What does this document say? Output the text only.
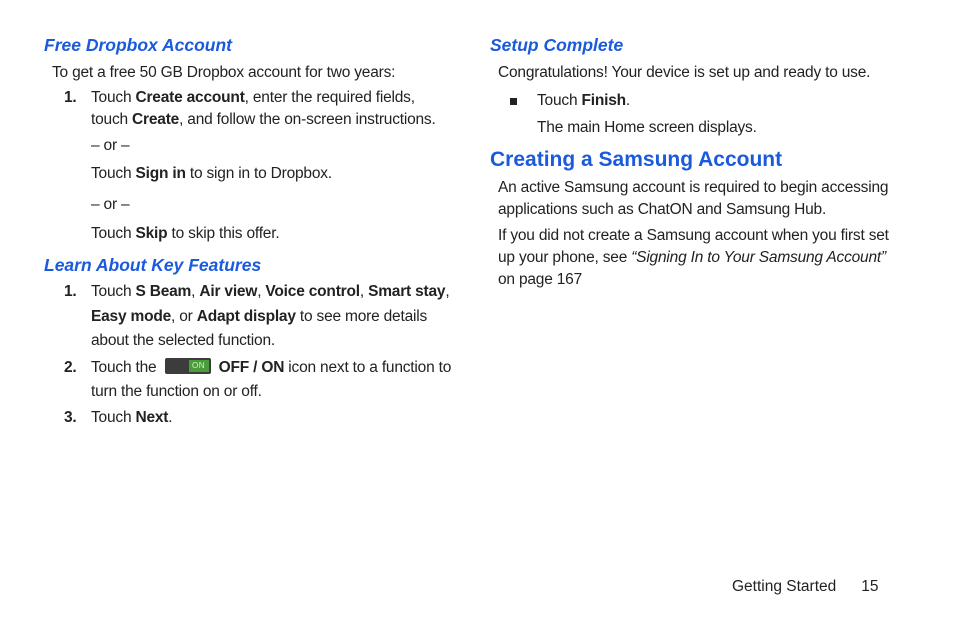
Free Dropbox Account

To get a free 50 GB Dropbox account for two years:

1. Touch Create account, enter the required fields, touch Create, and follow the on-screen instructions.

– or –

Touch Sign in to sign in to Dropbox.

– or –

Touch Skip to skip this offer.

Learn About Key Features
1. Touch S Beam, Air view, Voice control, Smart stay, Easy mode, or Adapt display to see more details about the selected function.
2. Touch the	ON OFF / ON icon next to a function to turn the function on or off.
3. Touch Next.
Setup Complete

Congratulations! Your device is set up and ready to use.

Touch Finish.

The main Home screen displays.

Creating a Samsung Account

An active Samsung account is required to begin accessing applications such as ChatON and Samsung Hub.

If you did not create a Samsung account when you first set up your phone, see “Signing In to Your Samsung Account” on page 167

Getting Started 15
